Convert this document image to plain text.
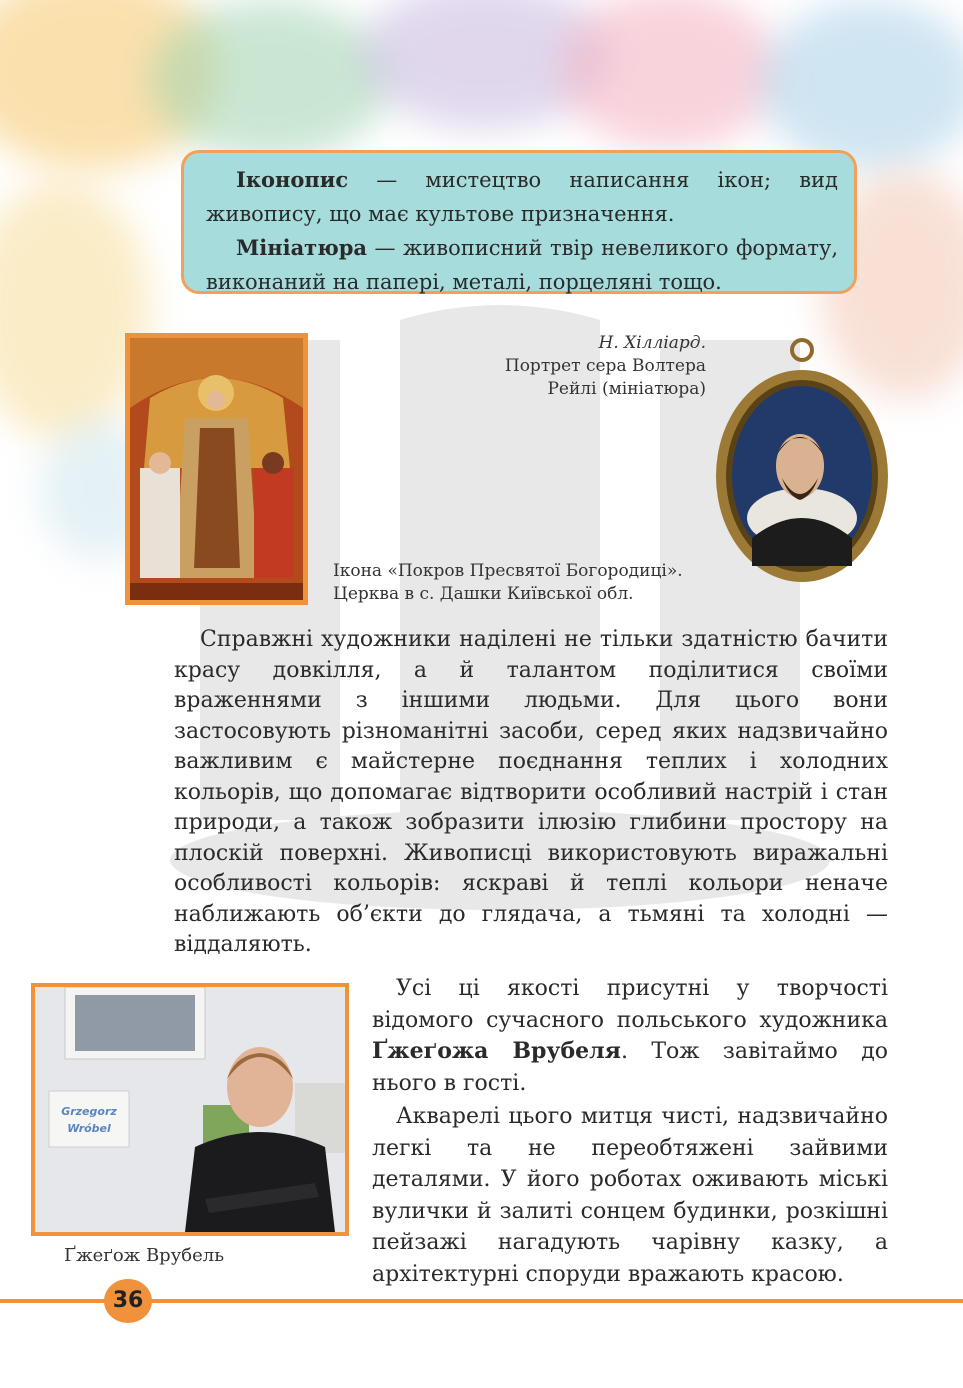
Іконопис — мистецтво написання ікон; вид живопису, що має культове призначення.

Мініатюра — живописний твір невеликого формату, виконаний на папері, металі, порцеляні тощо.

Н. Хілліард.
Портрет сера Волтера
Рейлі (мініатюра)
Ікона «Покров Пресвятої Богородиці».
Церква в с. Дашки Київської обл.

Справжні художники наділені не тільки здатністю бачити красу довкілля, а й талантом поділитися своїми враженнями з іншими людьми. Для цього вони застосовують різноманітні засоби, серед яких надзвичайно важливим є майстерне поєднання теплих і холодних кольорів, що допомагає відтворити особливий настрій і стан природи, а також зобразити ілюзію глибини простору на плоскій поверхні. Живописці використовують виражальні особливості кольорів: яскраві й теплі кольори неначе наближають об’єкти до глядача, а тьмяні та холодні — віддаляють.

Grzegorz
Wróbel
Ґжеґож Врубель

Усі ці якості присутні у творчості відомого сучасного польського художника Ґжеґожа Врубеля. Тож завітаймо до нього в гості.

Акварелі цього митця чисті, надзвичайно легкі та не переобтяжені зайвими деталями. У його роботах оживають міські вулички й залиті сонцем будинки, розкішні пейзажі нагадують чарівну казку, а архітектурні споруди вражають красою.

36
